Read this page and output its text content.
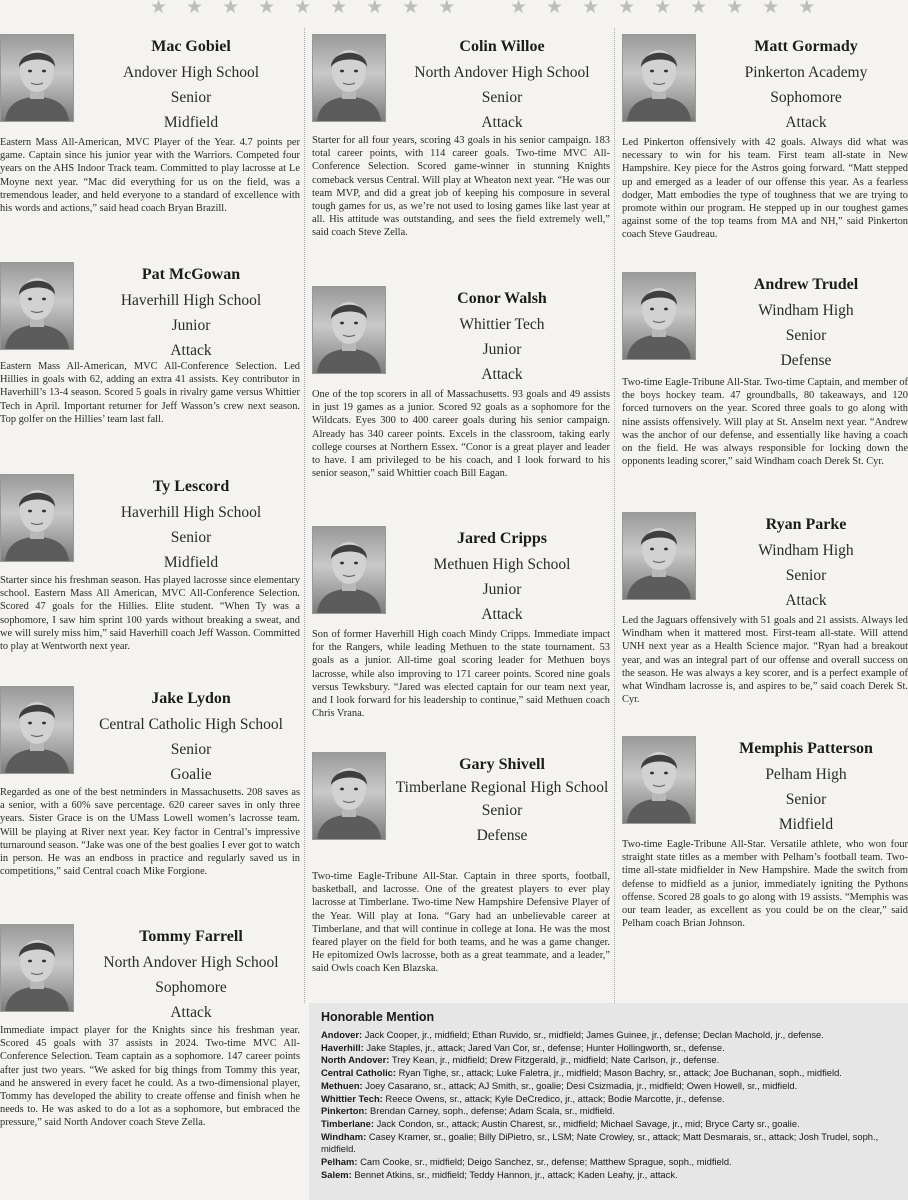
★★★★★★★★★ ★★★★★★★★★
Mac Gobiel
Andover High School
Senior
Midfield
Eastern Mass All-American, MVC Player of the Year. 4.7 points per game. Captain since his junior year with the Warriors. Competed four years on the AHS Indoor Track team. Committed to play lacrosse at Le Moyne next year. “Mac did everything for us on the field, was a tremendous leader, and held everyone to a standard of excellence with his words and actions,” said head coach Bryan Brazill.
Pat McGowan
Haverhill High School
Junior
Attack
Eastern Mass All-American, MVC All-Conference Selection. Led Hillies in goals with 62, adding an extra 41 assists. Key contributor in Haverhill’s 13-4 season. Scored 5 goals in rivalry game versus Whittier Tech in April. Important returner for Jeff Wasson’s crew next season. Top golfer on the Hillies’ team last fall.
Ty Lescord
Haverhill High School
Senior
Midfield
Starter since his freshman season. Has played lacrosse since elementary school. Eastern Mass All American, MVC All-Conference Selection. Scored 47 goals for the Hillies. Elite student. “When Ty was a sophomore, I saw him sprint 100 yards without breaking a sweat, and we will surely miss him,” said Haverhill coach Jeff Wasson. Committed to play at Wentworth next year.
Jake Lydon
Central Catholic High School
Senior
Goalie
Regarded as one of the best netminders in Massachusetts. 208 saves as a senior, with a 60% save percentage. 620 career saves in only three years. Sister Grace is on the UMass Lowell women’s lacrosse team. Will be playing at River next year. Key factor in Central’s impressive turnaround season. “Jake was one of the best goalies I ever got to watch in person. He was an endboss in practice and regularly saved us in competitions,” said Central coach Mike Forgione.
Tommy Farrell
North Andover High School
Sophomore
Attack
Immediate impact player for the Knights since his freshman year. Scored 45 goals with 37 assists in 2024. Two-time MVC All-Conference Selection. Team captain as a sophomore. 147 career points after just two years. “We asked for big things from Tommy this year, and he answered in every facet he could. As a two-dimensional player, Tommy has developed the ability to create offense and finish when he needs to. He was asked to do a lot as a sophomore, but embraced the pressure,” said North Andover coach Steve Zella.
Colin Willoe
North Andover High School
Senior
Attack
Starter for all four years, scoring 43 goals in his senior campaign. 183 total career points, with 114 career goals. Two-time MVC All-Conference Selection. Scored game-winner in stunning Knights comeback versus Central. Will play at Wheaton next year. “He was our team MVP, and did a great job of keeping his composure in several tough games for us, as we’re not used to losing games like last year at all. His attitude was outstanding, and sees the field extremely well,” said coach Steve Zella.
Conor Walsh
Whittier Tech
Junior
Attack
One of the top scorers in all of Massachusetts. 93 goals and 49 assists in just 19 games as a junior. Scored 92 goals as a sophomore for the Wildcats. Eyes 300 to 400 career goals during his senior campaign. Already has 340 career points. Excels in the classroom, taking early college courses at Northern Essex. “Conor is a great player and leader to have. I am privileged to be his coach, and I look forward to his senior season,” said Whittier coach Bill Eagan.
Jared Cripps
Methuen High School
Junior
Attack
Son of former Haverhill High coach Mindy Cripps. Immediate impact for the Rangers, while leading Methuen to the state tournament. 53 goals as a junior. All-time goal scoring leader for Methuen boys lacrosse, while also improving to 171 career points. Scored nine goals versus Tewksbury. “Jared was elected captain for our team next year, and I look forward for his leadership to continue,” said Methuen coach Chris Vrana.
Gary Shivell
Timberlane Regional High School
Senior
Defense
Two-time Eagle-Tribune All-Star. Captain in three sports, football, basketball, and lacrosse. One of the greatest players to ever play lacrosse at Timberlane. Two-time New Hampshire Defensive Player of the Year. Will play at Iona. “Gary had an unbelievable career at Timberlane, and that will continue in college at Iona. He was the most feared player on the field for both teams, and he was a game changer. He epitomized Owls lacrosse, both as a great teammate, and a leader,” said Owls coach Ken Blazska.
Matt Gormady
Pinkerton Academy
Sophomore
Attack
Led Pinkerton offensively with 42 goals. Always did what was necessary to win for his team. First team all-state in New Hampshire. Key piece for the Astros going forward. “Matt stepped up and emerged as a leader of our offense this year. As a fearless dodger, Matt embodies the type of toughness that we are trying to promote within our program. He stepped up in our toughest games against some of the top teams from MA and NH,” said Pinkerton coach Steve Gaudreau.
Andrew Trudel
Windham High
Senior
Defense
Two-time Eagle-Tribune All-Star. Two-time Captain, and member of the boys hockey team. 47 groundballs, 80 takeaways, and 120 forced turnovers on the year. Scored three goals to go along with nine assists offensively. Will play at St. Anselm next year. “Andrew was the anchor of our defense, and essentially like having a coach on the field. He was always responsible for locking down the opponents leading scorer,” said Windham coach Derek St. Cyr.
Ryan Parke
Windham High
Senior
Attack
Led the Jaguars offensively with 51 goals and 21 assists. Always led Windham when it mattered most. First-team all-state. Will attend UNH next year as a Health Science major. “Ryan had a breakout year, and was an integral part of our offense and overall success on the season. He was always a key scorer, and is a perfect example of what Windham lacrosse is, and aspires to be,” said coach Derek St. Cyr.
Memphis Patterson
Pelham High
Senior
Midfield
Two-time Eagle-Tribune All-Star. Versatile athlete, who won four straight state titles as a member with Pelham’s football team. Two-time all-state midfielder in New Hampshire. Made the switch from defense to midfield as a junior, immediately igniting the Pythons offense. Scored 28 goals to go along with 19 assists. “Memphis was our team leader, as excellent as you could be on the clear,” said Pelham coach Brian Johnson.
Honorable Mention
Andover: Jack Cooper, jr., midfield; Ethan Ruvido, sr., midfield; James Guinee, jr., defense; Declan Machold, jr., defense.
Haverhill: Jake Staples, jr., attack; Jared Van Cor, sr., defense; Hunter Hollingworth, sr., defense.
North Andover: Trey Kean, jr., midfield; Drew Fitzgerald, jr., midfield; Nate Carlson, jr., defense.
Central Catholic: Ryan Tighe, sr., attack; Luke Faletra, jr., midfield; Mason Bachry, sr., attack; Joe Buchanan, soph., midfield.
Methuen: Joey Casarano, sr., attack; AJ Smith, sr., goalie; Desi Csizmadia, jr., midfield; Owen Howell, sr., midfield.
Whittier Tech: Reece Owens, sr., attack; Kyle DeCredico, jr., attack; Bodie Marcotte, jr., defense.
Pinkerton: Brendan Carney, soph., defense; Adam Scala, sr., midfield.
Timberlane: Jack Condon, sr., attack; Austin Charest, sr., midfield; Michael Savage, jr., mid; Bryce Carty sr., goalie.
Windham: Casey Kramer, sr., goalie; Billy DiPietro, sr., LSM; Nate Crowley, sr., attack; Matt Desmarais, sr., attack; Josh Trudel, soph., midfield.
Pelham: Cam Cooke, sr., midfield; Deigo Sanchez, sr., defense; Matthew Sprague, soph., midfield.
Salem: Bennet Atkins, sr., midfield; Teddy Hannon, jr., attack; Kaden Leahy, jr., attack.
